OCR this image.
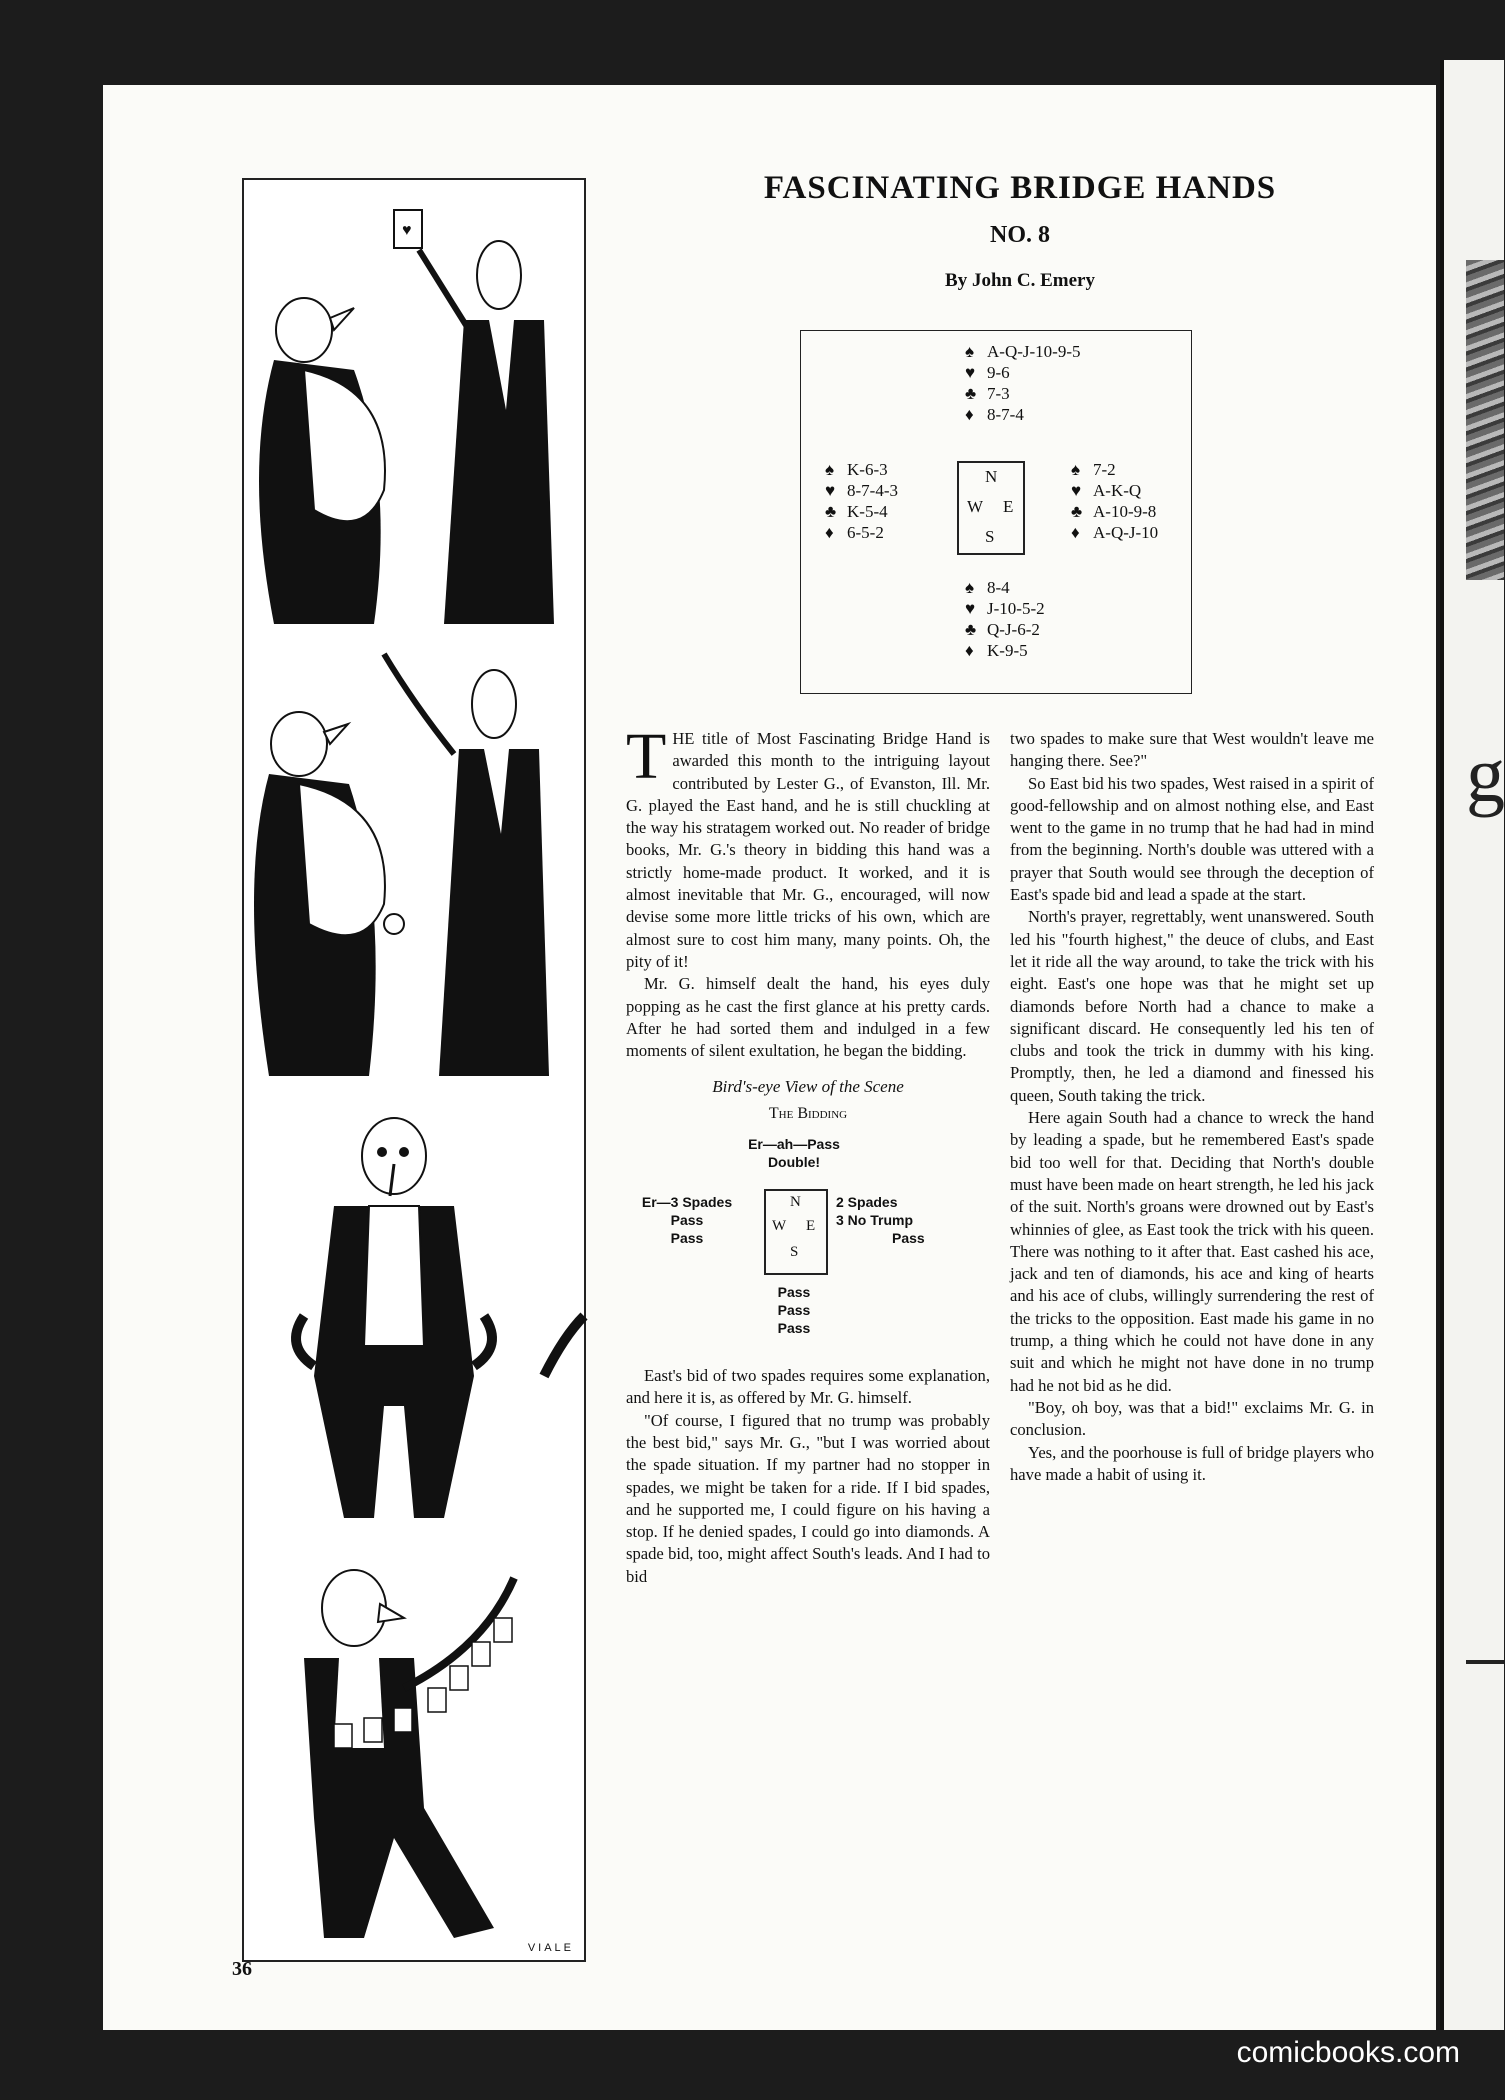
g
♥
VIALE
36
FASCINATING BRIDGE HANDS
NO. 8
By John C. Emery
♠ A-Q-J-10-9-5
♥ 9-6
♣ 7-3
♦ 8-7-4
♠ K-6-3
♥ 8-7-4-3
♣ K-5-4
♦ 6-5-2
N
W E
S
♠ 7-2
♥ A-K-Q
♣ A-10-9-8
♦ A-Q-J-10
♠ 8-4
♥ J-10-5-2
♣ Q-J-6-2
♦ K-9-5

THE title of Most Fascinating Bridge Hand is awarded this month to the intriguing layout contributed by Lester G., of Evanston, Ill. Mr. G. played the East hand, and he is still chuckling at the way his stratagem worked out. No reader of bridge books, Mr. G.'s theory in bidding this hand was a strictly home-made product. It worked, and it is almost inevitable that Mr. G., encouraged, will now devise some more little tricks of his own, which are almost sure to cost him many, many points. Oh, the pity of it!

Mr. G. himself dealt the hand, his eyes duly popping as he cast the first glance at his pretty cards. After he had sorted them and indulged in a few moments of silent exultation, he began the bidding.

Bird's-eye View of the Scene
The Bidding
Er—ah—Pass
Double!
Er—3 Spades
Pass
Pass
N
W E
S
2 Spades
3 No Trump
Pass
Pass
Pass
Pass

East's bid of two spades requires some explanation, and here it is, as offered by Mr. G. himself.

"Of course, I figured that no trump was probably the best bid," says Mr. G., "but I was worried about the spade situation. If my partner had no stopper in spades, we might be taken for a ride. If I bid spades, and he supported me, I could figure on his having a stop. If he denied spades, I could go into diamonds. A spade bid, too, might affect South's leads. And I had to bid

two spades to make sure that West wouldn't leave me hanging there. See?"

So East bid his two spades, West raised in a spirit of good-fellowship and on almost nothing else, and East went to the game in no trump that he had had in mind from the beginning. North's double was uttered with a prayer that South would see through the deception of East's spade bid and lead a spade at the start.

North's prayer, regrettably, went unanswered. South led his "fourth highest," the deuce of clubs, and East let it ride all the way around, to take the trick with his eight. East's one hope was that he might set up diamonds before North had a chance to make a significant discard. He consequently led his ten of clubs and took the trick in dummy with his king. Promptly, then, he led a diamond and finessed his queen, South taking the trick.

Here again South had a chance to wreck the hand by leading a spade, but he remembered East's spade bid too well for that. Deciding that North's double must have been made on heart strength, he led his jack of the suit. North's groans were drowned out by East's whinnies of glee, as East took the trick with his queen. There was nothing to it after that. East cashed his ace, jack and ten of diamonds, his ace and king of hearts and his ace of clubs, willingly surrendering the rest of the tricks to the opposition. East made his game in no trump, a thing which he could not have done in any suit and which he might not have done in no trump had he not bid as he did.

"Boy, oh boy, was that a bid!" exclaims Mr. G. in conclusion.

Yes, and the poorhouse is full of bridge players who have made a habit of using it.

comicbooks.com
